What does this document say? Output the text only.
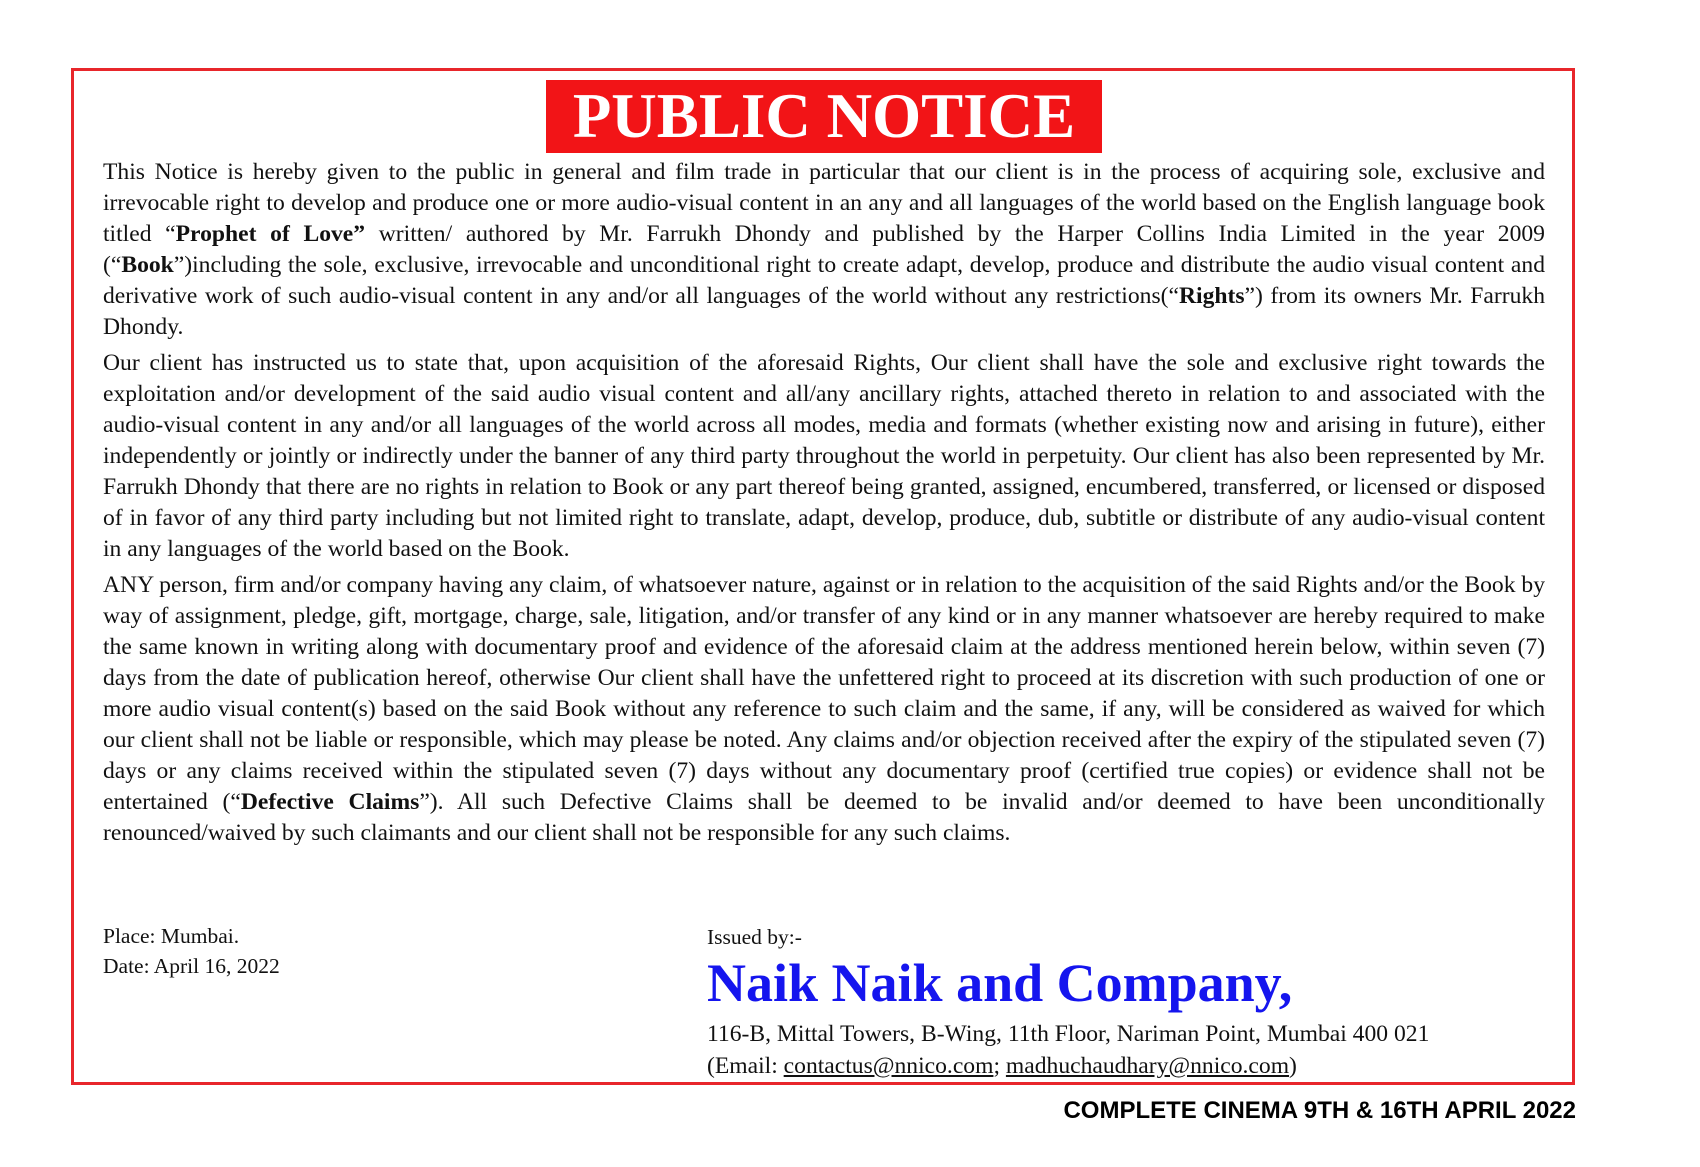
PUBLIC NOTICE

This Notice is hereby given to the public in general and film trade in particular that our client is in the process of acquiring sole, exclusive and irrevocable right to develop and produce one or more audio-visual content in an any and all languages of the world based on the English language book titled “Prophet of Love” written/ authored by Mr. Farrukh Dhondy and published by the Harper Collins India Limited in the year 2009 (“Book”)including the sole, exclusive, irrevocable and unconditional right to create adapt, develop, produce and distribute the audio visual content and derivative work of such audio-visual content in any and/or all languages of the world without any restrictions(“Rights”) from its owners Mr. Farrukh Dhondy.

Our client has instructed us to state that, upon acquisition of the aforesaid Rights, Our client shall have the sole and exclusive right towards the exploitation and/or development of the said audio visual content and all/any ancillary rights, attached thereto in relation to and associated with the audio-visual content in any and/or all languages of the world across all modes, media and formats (whether existing now and arising in future), either independently or jointly or indirectly under the banner of any third party throughout the world in perpetuity. Our client has also been represented by Mr. Farrukh Dhondy that there are no rights in relation to Book or any part thereof being granted, assigned, encumbered, transferred, or licensed or disposed of in favor of any third party including but not limited right to translate, adapt, develop, produce, dub, subtitle or distribute of any audio-visual content in any languages of the world based on the Book.

ANY person, firm and/or company having any claim, of whatsoever nature, against or in relation to the acquisition of the said Rights and/or the Book by way of assignment, pledge, gift, mortgage, charge, sale, litigation, and/or transfer of any kind or in any manner whatsoever are hereby required to make the same known in writing along with documentary proof and evidence of the aforesaid claim at the address mentioned herein below, within seven (7) days from the date of publication hereof, otherwise Our client shall have the unfettered right to proceed at its discretion with such production of one or more audio visual content(s) based on the said Book without any reference to such claim and the same, if any, will be considered as waived for which our client shall not be liable or responsible, which may please be noted. Any claims and/or objection received after the expiry of the stipulated seven (7) days or any claims received within the stipulated seven (7) days without any documentary proof (certified true copies) or evidence shall not be entertained (“Defective Claims”). All such Defective Claims shall be deemed to be invalid and/or deemed to have been unconditionally renounced/waived by such claimants and our client shall not be responsible for any such claims.

Place: Mumbai.
Date: April 16, 2022
Issued by:-
Naik Naik and Company,
116-B, Mittal Towers, B-Wing, 11th Floor, Nariman Point, Mumbai 400 021
(Email: contactus@nnico.com; madhuchaudhary@nnico.com)
COMPLETE CINEMA 9TH & 16TH APRIL 2022
